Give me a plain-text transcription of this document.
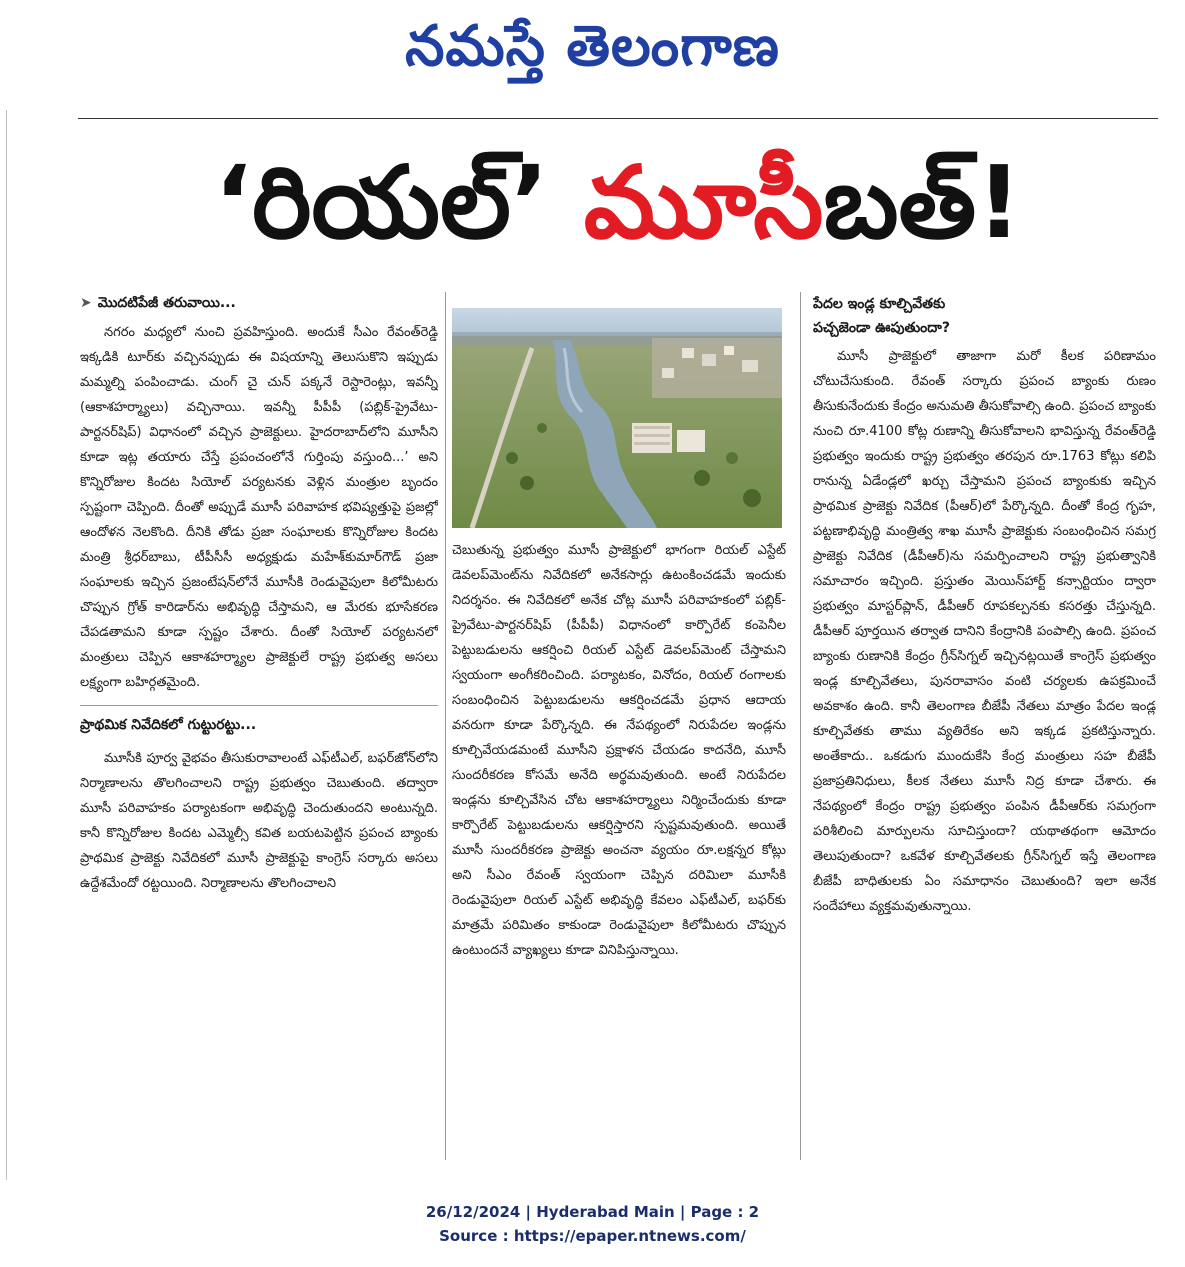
నమస్తే తెలంగాణ
‘రియల్’ మూసీబత్!
➤ మొదటిపేజీ తరువాయి...

నగరం మధ్యలో నుంచి ప్రవహిస్తుంది. అందుకే సీఎం రేవంత్‌రెడ్డి ఇక్కడికి టూర్‌కు వచ్చినప్పుడు ఈ విషయాన్ని తెలుసుకొని ఇప్పుడు మమ్మల్ని పంపించాడు. చుంగ్ చై చున్ పక్కనే రెస్టారెంట్లు, ఇవన్నీ (ఆకాశహర్మ్యాలు) వచ్చినాయి. ఇవన్నీ పీపీపీ (పబ్లిక్-ప్రైవేటు-పార్టనర్‌షిప్) విధానంలో వచ్చిన ప్రాజెక్టులు. హైదరాబాద్‌లోని మూసీని కూడా ఇట్ల తయారు చేస్తే ప్రపంచంలోనే గుర్తింపు వస్తుంది...’ అని కొన్నిరోజుల కిందట సియోల్ పర్యటనకు వెళ్లిన మంత్రుల బృందం స్పష్టంగా చెప్పింది. దీంతో అప్పుడే మూసీ పరివాహక భవిష్యత్తుపై ప్రజల్లో ఆందోళన నెలకొంది. దీనికి తోడు ప్రజా సంఘాలకు కొన్నిరోజుల కిందట మంత్రి శ్రీధర్‌బాబు, టీపీసీసీ అధ్యక్షుడు మహేశ్‌కుమార్‌గౌడ్ ప్రజా సంఘాలకు ఇచ్చిన ప్రజంటేషన్‌లోనే మూసీకి రెండువైపులా కిలోమీటరు చొప్పున గ్రోత్ కారిడార్‌ను అభివృద్ధి చేస్తామని, ఆ మేరకు భూసేకరణ చేపడతామని కూడా స్పష్టం చేశారు. దీంతో సియోల్ పర్యటనలో మంత్రులు చెప్పిన ఆకాశహర్మ్యాల ప్రాజెక్టులే రాష్ట్ర ప్రభుత్వ అసలు లక్ష్యంగా బహిర్గతమైంది.

ప్రాథమిక నివేదికలో గుట్టురట్టు...

మూసీకి పూర్వ వైభవం తీసుకురావాలంటే ఎఫ్‌టీఎల్, బఫర్‌జోన్‌లోని నిర్మాణాలను తొలగించాలని రాష్ట్ర ప్రభుత్వం చెబుతుంది. తద్వారా మూసీ పరివాహకం పర్యాటకంగా అభివృద్ధి చెందుతుందని అంటున్నది. కానీ కొన్నిరోజుల కిందట ఎమ్మెల్సీ కవిత బయటపెట్టిన ప్రపంచ బ్యాంకు ప్రాథమిక ప్రాజెక్టు నివేదికలో మూసీ ప్రాజెక్టుపై కాంగ్రెస్ సర్కారు అసలు ఉద్దేశమేందో రట్టయింది. నిర్మాణాలను తొలగించాలని

చెబుతున్న ప్రభుత్వం మూసీ ప్రాజెక్టులో భాగంగా రియల్ ఎస్టేట్ డెవలప్‌మెంట్‌ను నివేదికలో అనేకసార్లు ఉటంకించడమే ఇందుకు నిదర్శనం. ఈ నివేదికలో అనేక చోట్ల మూసీ పరివాహకంలో పబ్లిక్-ప్రైవేటు-పార్టనర్‌షిప్ (పీపీపీ) విధానంలో కార్పొరేట్ కంపెనీల పెట్టుబడులను ఆకర్షించి రియల్ ఎస్టేట్ డెవలప్‌మెంట్ చేస్తామని స్వయంగా అంగీకరించింది. పర్యాటకం, వినోదం, రియల్ రంగాలకు సంబంధించిన పెట్టుబడులను ఆకర్షించడమే ప్రధాన ఆదాయ వనరుగా కూడా పేర్కొన్నది. ఈ నేపథ్యంలో నిరుపేదల ఇండ్లను కూల్చివేయడమంటే మూసీని ప్రక్షాళన చేయడం కాదనేది, మూసీ సుందరీకరణ కోసమే అనేది అర్థమవుతుంది. అంటే నిరుపేదల ఇండ్లను కూల్చివేసిన చోట ఆకాశహర్మ్యాలు నిర్మించేందుకు కూడా కార్పొరేట్ పెట్టుబడులను ఆకర్షిస్తారని స్పష్టమవుతుంది. అయితే మూసీ సుందరీకరణ ప్రాజెక్టు అంచనా వ్యయం రూ.లక్షన్నర కోట్లు అని సీఎం రేవంత్ స్వయంగా చెప్పిన దరిమిలా మూసీకి రెండువైపులా రియల్ ఎస్టేట్ అభివృద్ధి కేవలం ఎఫ్‌టీఎల్, బఫర్‌కు మాత్రమే పరిమితం కాకుండా రెండువైపులా కిలోమీటరు చొప్పున ఉంటుందనే వ్యాఖ్యలు కూడా వినిపిస్తున్నాయి.

పేదల ఇండ్ల కూల్చివేతకు
పచ్చజెండా ఊపుతుందా?

మూసీ ప్రాజెక్టులో తాజాగా మరో కీలక పరిణామం చోటుచేసుకుంది. రేవంత్ సర్కారు ప్రపంచ బ్యాంకు రుణం తీసుకునేందుకు కేంద్రం అనుమతి తీసుకోవాల్సి ఉంది. ప్రపంచ బ్యాంకు నుంచి రూ.4100 కోట్ల రుణాన్ని తీసుకోవాలని భావిస్తున్న రేవంత్‌రెడ్డి ప్రభుత్వం ఇందుకు రాష్ట్ర ప్రభుత్వం తరపున రూ.1763 కోట్లు కలిపి రానున్న ఏడేండ్లలో ఖర్చు చేస్తామని ప్రపంచ బ్యాంకుకు ఇచ్చిన ప్రాథమిక ప్రాజెక్టు నివేదిక (పీఆర్)లో పేర్కొన్నది. దీంతో కేంద్ర గృహ, పట్టణాభివృద్ధి మంత్రిత్వ శాఖ మూసీ ప్రాజెక్టుకు సంబంధించిన సమగ్ర ప్రాజెక్టు నివేదిక (డీపీఆర్)ను సమర్పించాలని రాష్ట్ర ప్రభుత్వానికి సమాచారం ఇచ్చింది. ప్రస్తుతం మెయిన్‌హార్ట్ కన్సార్టియం ద్వారా ప్రభుత్వం మాస్టర్‌ప్లాన్, డీపీఆర్ రూపకల్పనకు కసరత్తు చేస్తున్నది. డీపీఆర్ పూర్తయిన తర్వాత దానిని కేంద్రానికి పంపాల్సి ఉంది. ప్రపంచ బ్యాంకు రుణానికి కేంద్రం గ్రీన్‌సిగ్నల్ ఇచ్చినట్లయితే కాంగ్రెస్ ప్రభుత్వం ఇండ్ల కూల్చివేతలు, పునరావాసం వంటి చర్యలకు ఉపక్రమించే అవకాశం ఉంది. కానీ తెలంగాణ బీజేపీ నేతలు మాత్రం పేదల ఇండ్ల కూల్చివేతకు తాము వ్యతిరేకం అని ఇక్కడ ప్రకటిస్తున్నారు. అంతేకాదు.. ఒకడుగు ముందుకేసి కేంద్ర మంత్రులు సహ బీజేపీ ప్రజాప్రతినిధులు, కీలక నేతలు మూసీ నిద్ర కూడా చేశారు. ఈ నేపథ్యంలో కేంద్రం రాష్ట్ర ప్రభుత్వం పంపిన డీపీఆర్‌కు సమగ్రంగా పరిశీలించి మార్పులను సూచిస్తుందా? యథాతథంగా ఆమోదం తెలుపుతుందా? ఒకవేళ కూల్చివేతలకు గ్రీన్‌సిగ్నల్ ఇస్తే తెలంగాణ బీజేపీ బాధితులకు ఏం సమాధానం చెబుతుంది? ఇలా అనేక సందేహాలు వ్యక్తమవుతున్నాయి.

26/12/2024 | Hyderabad Main | Page : 2
Source : https://epaper.ntnews.com/
